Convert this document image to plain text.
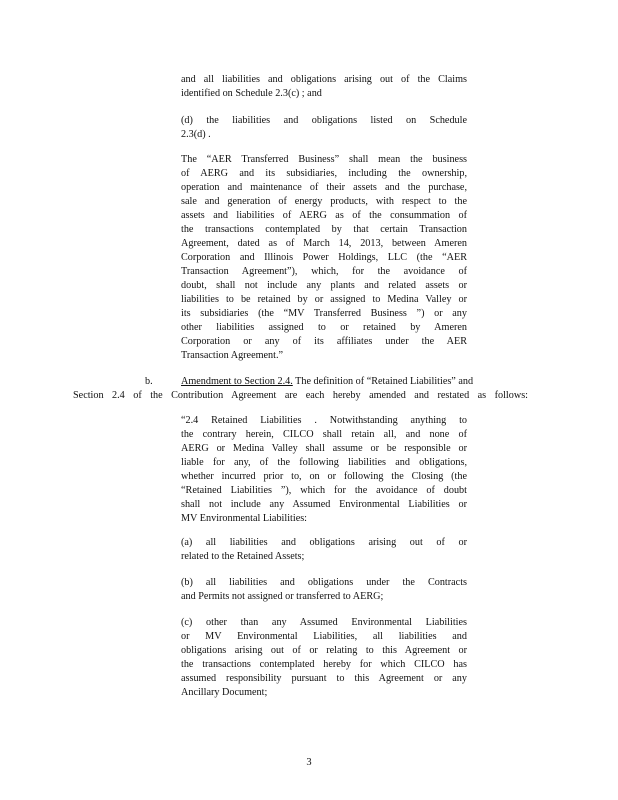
and all liabilities and obligations arising out of the Claims
identified on Schedule 2.3(c) ; and
(d) the liabilities and obligations listed on Schedule
2.3(d) .
The “AER Transferred Business” shall mean the business
of AERG and its subsidiaries, including the ownership,
operation and maintenance of their assets and the purchase,
sale and generation of energy products, with respect to the
assets and liabilities of AERG as of the consummation of
the transactions contemplated by that certain Transaction
Agreement, dated as of March 14, 2013, between Ameren
Corporation and Illinois Power Holdings, LLC (the “AER
Transaction Agreement”), which, for the avoidance of
doubt, shall not include any plants and related assets or
liabilities to be retained by or assigned to Medina Valley or
its subsidiaries (the “MV Transferred Business ”) or any
other liabilities assigned to or retained by Ameren
Corporation or any of its affiliates under the AER
Transaction Agreement.”
b.	Amendment to Section 2.4. The definition of “Retained Liabilities” and
Section 2.4 of the Contribution Agreement are each hereby amended and restated as follows:
“2.4 Retained Liabilities . Notwithstanding anything to
the contrary herein, CILCO shall retain all, and none of
AERG or Medina Valley shall assume or be responsible or
liable for any, of the following liabilities and obligations,
whether incurred prior to, on or following the Closing (the
“Retained Liabilities ”), which for the avoidance of doubt
shall not include any Assumed Environmental Liabilities or
MV Environmental Liabilities:
(a) all liabilities and obligations arising out of or
related to the Retained Assets;
(b) all liabilities and obligations under the Contracts
and Permits not assigned or transferred to AERG;
(c) other than any Assumed Environmental Liabilities
or MV Environmental Liabilities, all liabilities and
obligations arising out of or relating to this Agreement or
the transactions contemplated hereby for which CILCO has
assumed responsibility pursuant to this Agreement or any
Ancillary Document;
3
